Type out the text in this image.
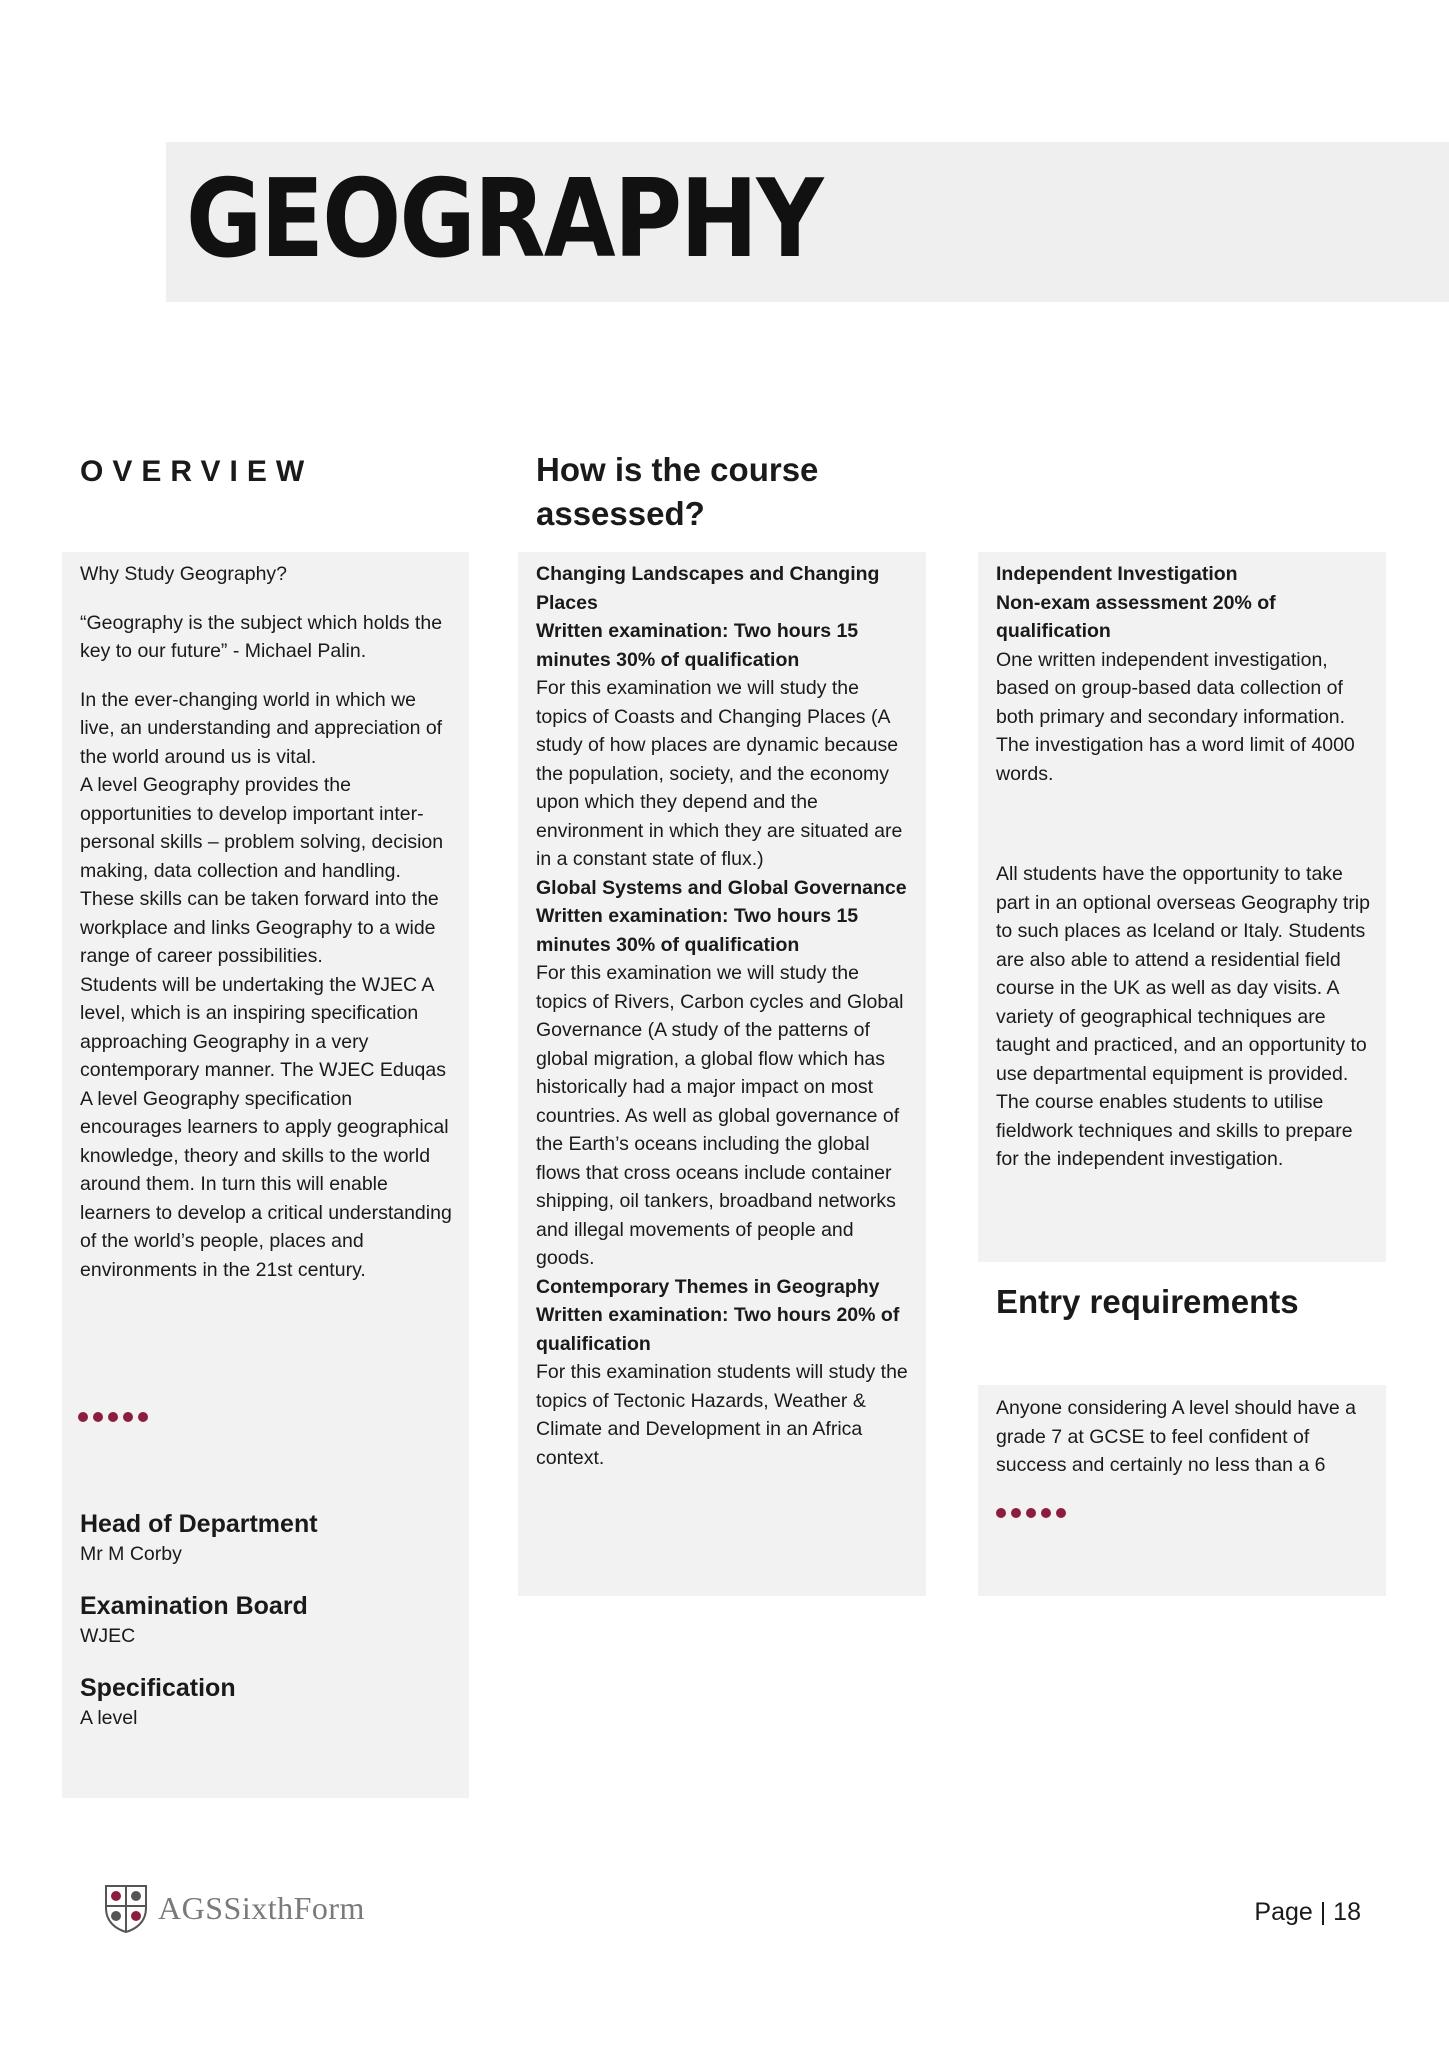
GEOGRAPHY
OVERVIEW	How is the course assessed?

Why Study Geography?

“Geography is the subject which holds the key to our future” - Michael Palin.

In the ever-changing world in which we live, an understanding and appreciation of the world around us is vital.

A level Geography provides the opportunities to develop important inter-personal skills – problem solving, decision making, data collection and handling. These skills can be taken forward into the workplace and links Geography to a wide range of career possibilities.

Students will be undertaking the WJEC A level, which is an inspiring specification approaching Geography in a very contemporary manner. The WJEC Eduqas A level Geography specification encourages learners to apply geographical knowledge, theory and skills to the world around them. In turn this will enable learners to develop a critical understanding of the world’s people, places and environments in the 21st century.

Head of Department
Mr M Corby
Examination Board
WJEC
Specification
A level

Changing Landscapes and Changing Places

Written examination: Two hours 15 minutes 30% of qualification

For this examination we will study the topics of Coasts and Changing Places (A study of how places are dynamic because the population, society, and the economy upon which they depend and the environment in which they are situated are in a constant state of flux.)

Global Systems and Global Governance

Written examination: Two hours 15 minutes 30% of qualification

For this examination we will study the topics of Rivers, Carbon cycles and Global Governance (A study of the patterns of global migration, a global flow which has historically had a major impact on most countries. As well as global governance of the Earth’s oceans including the global flows that cross oceans include container shipping, oil tankers, broadband networks and illegal movements of people and goods.

Contemporary Themes in Geography

Written examination: Two hours 20% of qualification

For this examination students will study the topics of Tectonic Hazards, Weather & Climate and Development in an Africa context.

Independent Investigation

Non-exam assessment 20% of qualification

One written independent investigation, based on group-based data collection of both primary and secondary information. The investigation has a word limit of 4000 words.

All students have the opportunity to take part in an optional overseas Geography trip to such places as Iceland or Italy. Students are also able to attend a residential field course in the UK as well as day visits. A variety of geographical techniques are taught and practiced, and an opportunity to use departmental equipment is provided. The course enables students to utilise fieldwork techniques and skills to prepare for the independent investigation.

Entry requirements

Anyone considering A level should have a grade 7 at GCSE to feel confident of success and certainly no less than a 6

AGSSixthForm	Page | 18
